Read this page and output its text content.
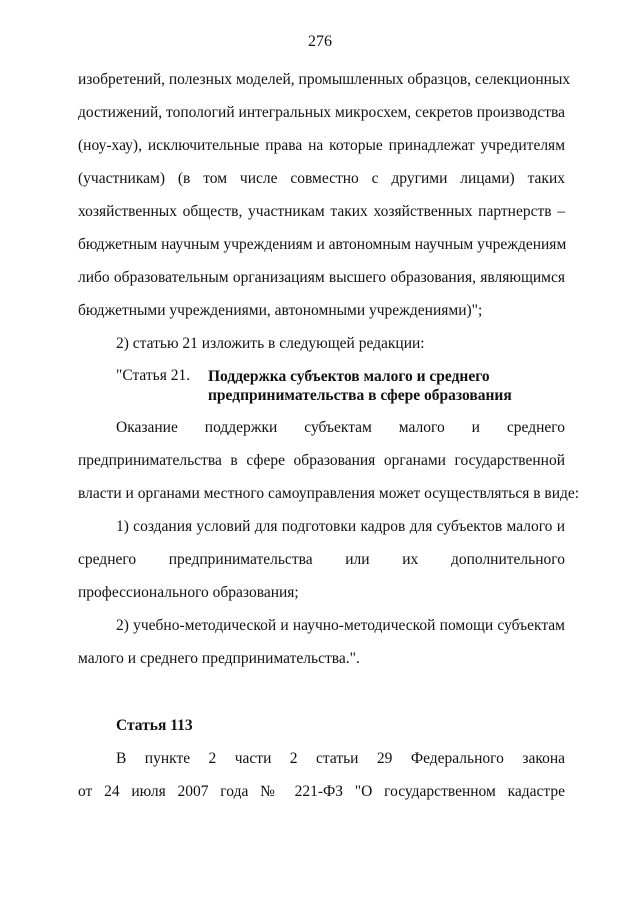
276
изобретений, полезных моделей, промышленных образцов, селекционных
достижений, топологий интегральных микросхем, секретов производства
(ноу-хау), исключительные права на которые принадлежат учредителям
(участникам) (в том числе совместно с другими лицами) таких
хозяйственных обществ, участникам таких хозяйственных партнерств –
бюджетным научным учреждениям и автономным научным учреждениям
либо образовательным организациям высшего образования, являющимся
бюджетными учреждениями, автономными учреждениями)";
2) статью 21 изложить в следующей редакции:
"Статья 21. Поддержка субъектов малого и среднего
предпринимательства в сфере образования
Оказание поддержки субъектам малого и среднего
предпринимательства в сфере образования органами государственной
власти и органами местного самоуправления может осуществляться в виде:
1) создания условий для подготовки кадров для субъектов малого и
среднего предпринимательства или их дополнительного
профессионального образования;
2) учебно-методической и научно-методической помощи субъектам
малого и среднего предпринимательства.".
Статья 113
В пункте 2 части 2 статьи 29 Федерального закона
от 24 июля 2007 года № 221-ФЗ "О государственном кадастре
